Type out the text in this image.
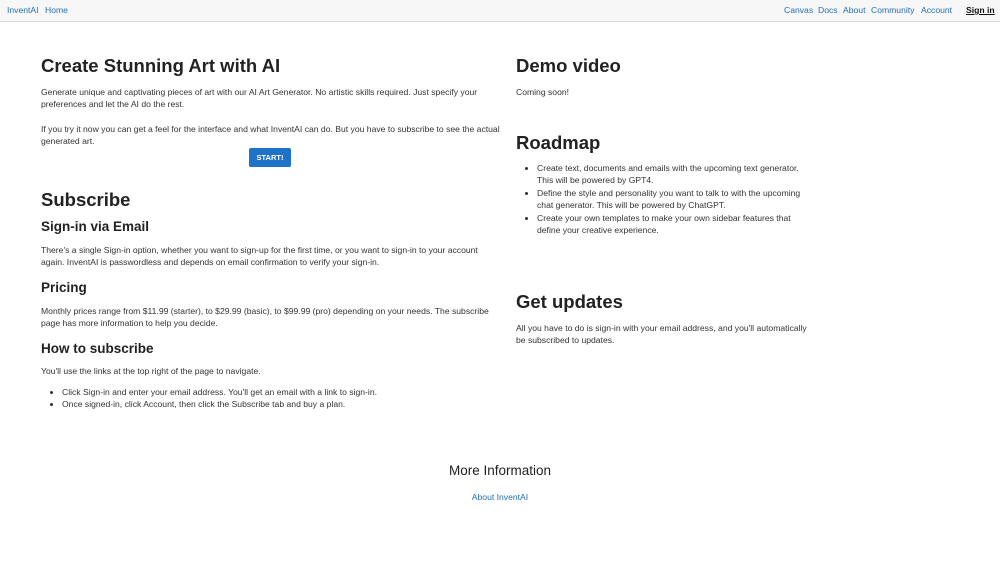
InventAI Home	Canvas Docs About Community Account Sign in
Create Stunning Art with AI

Generate unique and captivating pieces of art with our AI Art Generator. No artistic skills required. Just specify your preferences and let the AI do the rest.

If you try it now you can get a feel for the interface and what InventAI can do. But you have to subscribe to see the actual generated art.

START!
Subscribe
Sign-in via Email

There's a single Sign-in option, whether you want to sign-up for the first time, or you want to sign-in to your account again. InventAI is passwordless and depends on email confirmation to verify your sign-in.

Pricing

Monthly prices range from $11.99 (starter), to $29.99 (basic), to $99.99 (pro) depending on your needs. The subscribe page has more information to help you decide.

How to subscribe

You'll use the links at the top right of the page to navigate.

• Click Sign-in and enter your email address. You'll get an email with a link to sign-in.
• Once signed-in, click Account, then click the Subscribe tab and buy a plan.
Demo video

Coming soon!

Roadmap
• Create text, documents and emails with the upcoming text generator. This will be powered by GPT4.
• Define the style and personality you want to talk to with the upcoming chat generator. This will be powered by ChatGPT.
• Create your own templates to make your own sidebar features that define your creative experience.
Get updates

All you have to do is sign-in with your email address, and you'll automatically be subscribed to updates.

More Information
About InventAI
